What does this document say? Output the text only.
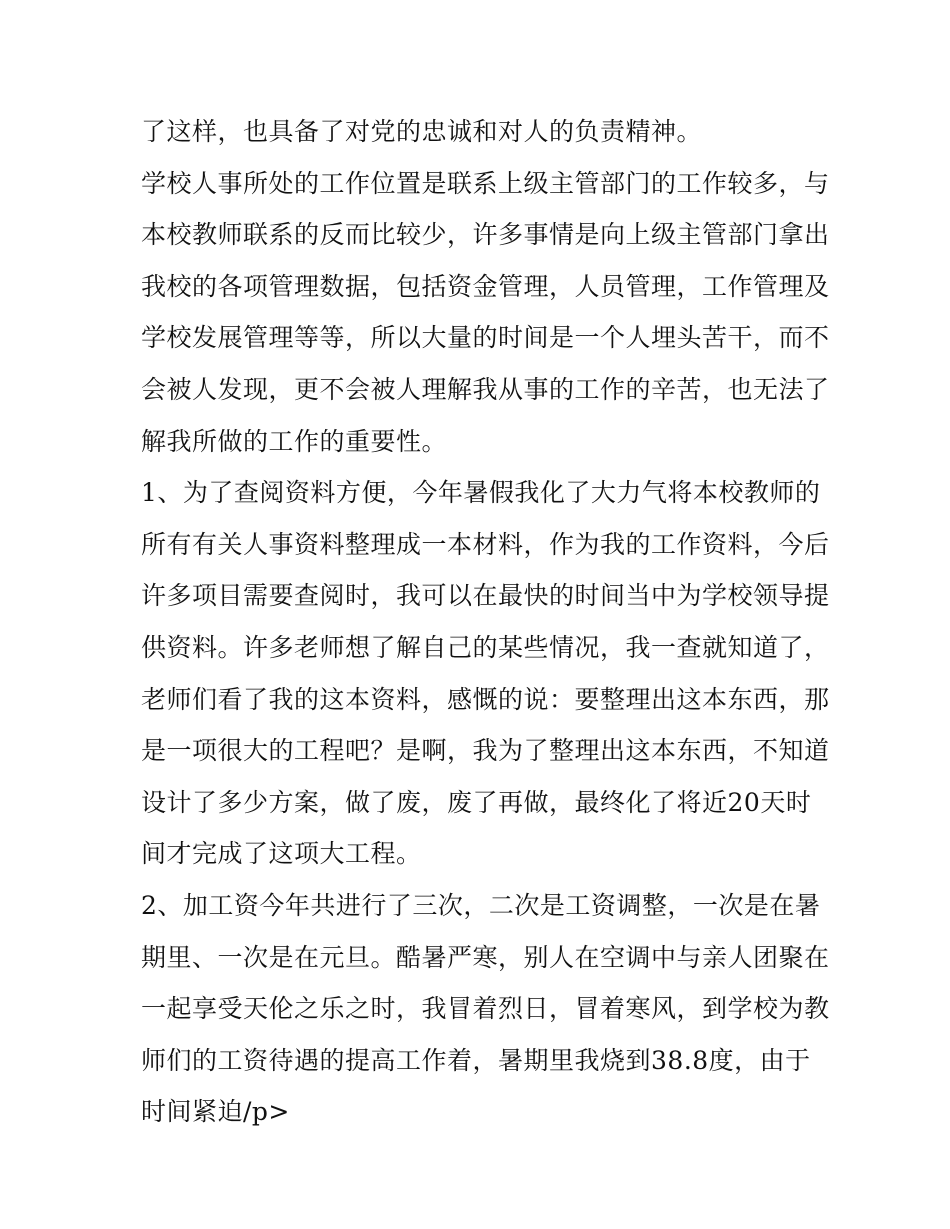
了这样，也具备了对党的忠诚和对人的负责精神。
学校人事所处的工作位置是联系上级主管部门的工作较多，与
本校教师联系的反而比较少，许多事情是向上级主管部门拿出
我校的各项管理数据，包括资金管理，人员管理，工作管理及
学校发展管理等等，所以大量的时间是一个人埋头苦干，而不
会被人发现，更不会被人理解我从事的工作的辛苦，也无法了
解我所做的工作的重要性。
1、为了查阅资料方便，今年暑假我化了大力气将本校教师的
所有有关人事资料整理成一本材料，作为我的工作资料，今后
许多项目需要查阅时，我可以在最快的时间当中为学校领导提
供资料。许多老师想了解自己的某些情况，我一查就知道了，
老师们看了我的这本资料，感慨的说：要整理出这本东西，那
是一项很大的工程吧？是啊，我为了整理出这本东西，不知道
设计了多少方案，做了废，废了再做，最终化了将近20天时
间才完成了这项大工程。
2、加工资今年共进行了三次，二次是工资调整，一次是在暑
期里、一次是在元旦。酷暑严寒，别人在空调中与亲人团聚在
一起享受天伦之乐之时，我冒着烈日，冒着寒风，到学校为教
师们的工资待遇的提高工作着，暑期里我烧到38.8度，由于
时间紧迫/p>
